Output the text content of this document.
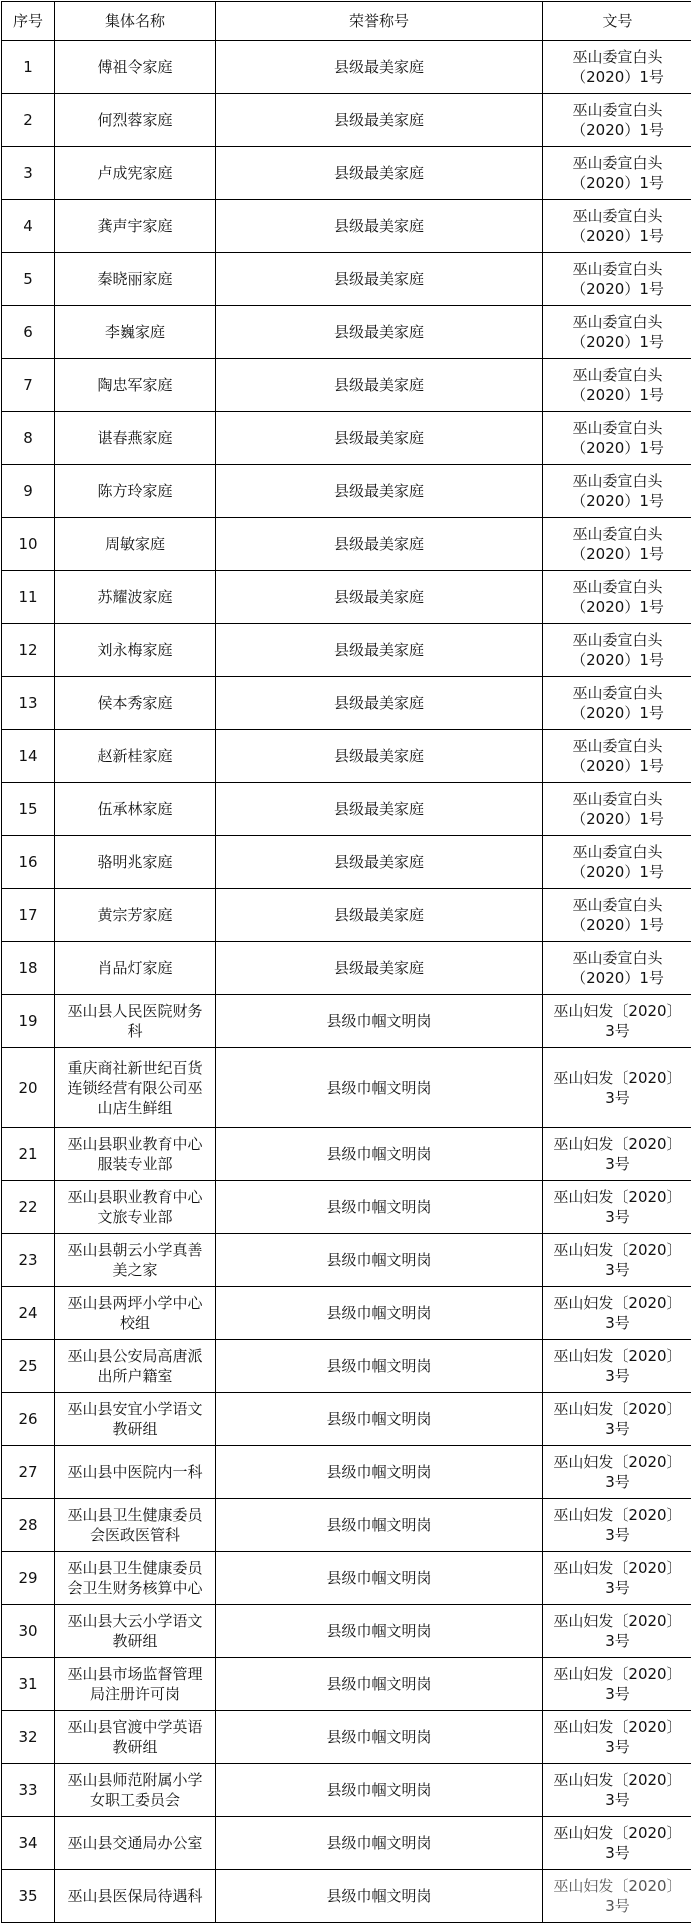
序号	集体名称	荣誉称号	文号
1	傅祖令家庭	县级最美家庭	巫山委宣白头（2020）1号
2	何烈蓉家庭	县级最美家庭	巫山委宣白头（2020）1号
3	卢成宪家庭	县级最美家庭	巫山委宣白头（2020）1号
4	龚声宇家庭	县级最美家庭	巫山委宣白头（2020）1号
5	秦晓丽家庭	县级最美家庭	巫山委宣白头（2020）1号
6	李巍家庭	县级最美家庭	巫山委宣白头（2020）1号
7	陶忠军家庭	县级最美家庭	巫山委宣白头（2020）1号
8	谌春燕家庭	县级最美家庭	巫山委宣白头（2020）1号
9	陈方玲家庭	县级最美家庭	巫山委宣白头（2020）1号
10	周敏家庭	县级最美家庭	巫山委宣白头（2020）1号
11	苏耀波家庭	县级最美家庭	巫山委宣白头（2020）1号
12	刘永梅家庭	县级最美家庭	巫山委宣白头（2020）1号
13	侯本秀家庭	县级最美家庭	巫山委宣白头（2020）1号
14	赵新桂家庭	县级最美家庭	巫山委宣白头（2020）1号
15	伍承林家庭	县级最美家庭	巫山委宣白头（2020）1号
16	骆明兆家庭	县级最美家庭	巫山委宣白头（2020）1号
17	黄宗芳家庭	县级最美家庭	巫山委宣白头（2020）1号
18	肖品灯家庭	县级最美家庭	巫山委宣白头（2020）1号
19	巫山县人民医院财务科	县级巾帼文明岗	巫山妇发〔2020〕3号
20	重庆商社新世纪百货连锁经营有限公司巫山店生鲜组	县级巾帼文明岗	巫山妇发〔2020〕3号
21	巫山县职业教育中心服装专业部	县级巾帼文明岗	巫山妇发〔2020〕3号
22	巫山县职业教育中心文旅专业部	县级巾帼文明岗	巫山妇发〔2020〕3号
23	巫山县朝云小学真善美之家	县级巾帼文明岗	巫山妇发〔2020〕3号
24	巫山县两坪小学中心校组	县级巾帼文明岗	巫山妇发〔2020〕3号
25	巫山县公安局高唐派出所户籍室	县级巾帼文明岗	巫山妇发〔2020〕3号
26	巫山县安宜小学语文教研组	县级巾帼文明岗	巫山妇发〔2020〕3号
27	巫山县中医院内一科	县级巾帼文明岗	巫山妇发〔2020〕3号
28	巫山县卫生健康委员会医政医管科	县级巾帼文明岗	巫山妇发〔2020〕3号
29	巫山县卫生健康委员会卫生财务核算中心	县级巾帼文明岗	巫山妇发〔2020〕3号
30	巫山县大云小学语文教研组	县级巾帼文明岗	巫山妇发〔2020〕3号
31	巫山县市场监督管理局注册许可岗	县级巾帼文明岗	巫山妇发〔2020〕3号
32	巫山县官渡中学英语教研组	县级巾帼文明岗	巫山妇发〔2020〕3号
33	巫山县师范附属小学女职工委员会	县级巾帼文明岗	巫山妇发〔2020〕3号
34	巫山县交通局办公室	县级巾帼文明岗	巫山妇发〔2020〕3号
35	巫山县医保局待遇科	县级巾帼文明岗	巫山妇发〔2020〕3号
